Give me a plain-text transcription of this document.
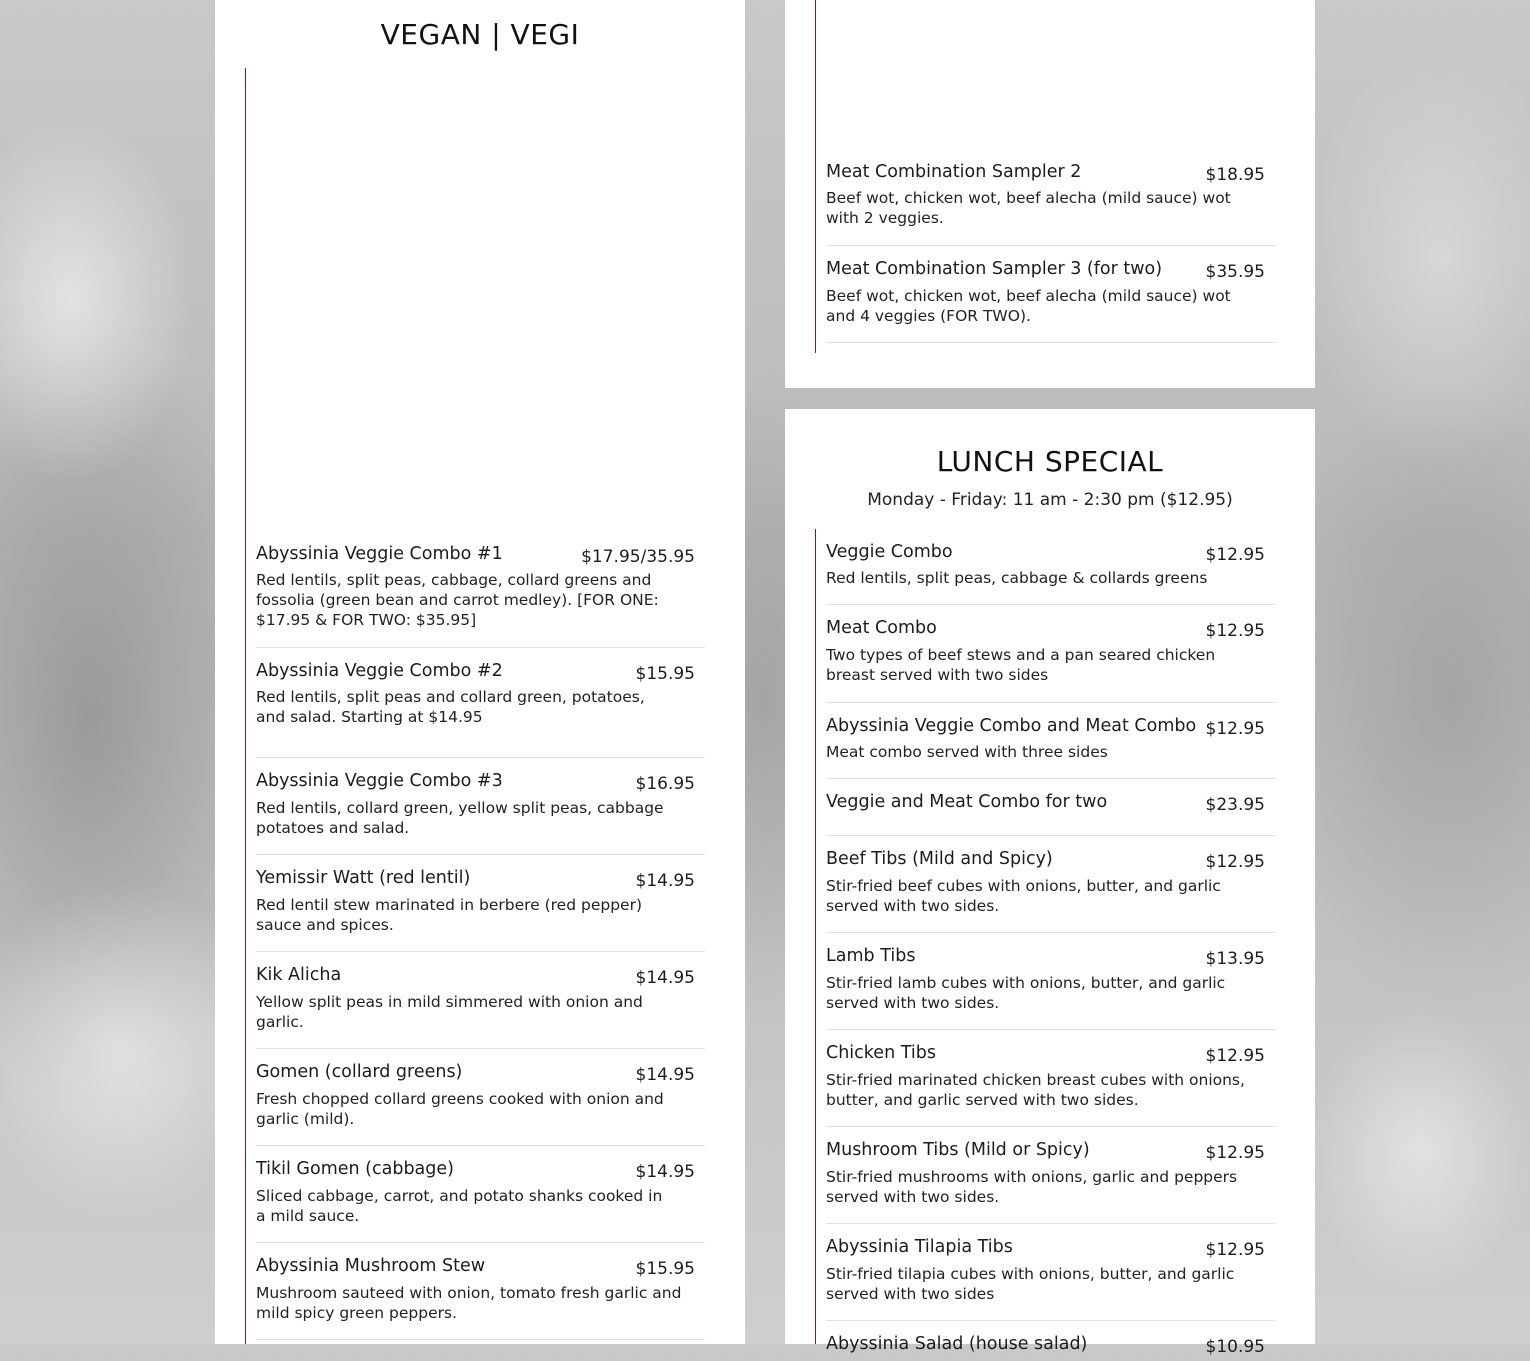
VEGAN | VEGI
Abyssinia Veggie Combo #1	$17.95/35.95

Red lentils, split peas, cabbage, collard greens and fossolia (green bean and carrot medley). [FOR ONE: $17.95 & FOR TWO: $35.95]

Abyssinia Veggie Combo #2	$15.95

Red lentils, split peas and collard green, potatoes, and salad. Starting at $14.95

Abyssinia Veggie Combo #3	$16.95

Red lentils, collard green, yellow split peas, cabbage potatoes and salad.

Yemissir Watt (red lentil)	$14.95

Red lentil stew marinated in berbere (red pepper) sauce and spices.

Kik Alicha	$14.95

Yellow split peas in mild simmered with onion and garlic.

Gomen (collard greens)	$14.95

Fresh chopped collard greens cooked with onion and garlic (mild).

Tikil Gomen (cabbage)	$14.95

Sliced cabbage, carrot, and potato shanks cooked in a mild sauce.

Abyssinia Mushroom Stew	$15.95

Mushroom sauteed with onion, tomato fresh garlic and mild spicy green peppers.

Meat Combination Sampler 2	$18.95

Beef wot, chicken wot, beef alecha (mild sauce) wot with 2 veggies.

Meat Combination Sampler 3 (for two)	$35.95

Beef wot, chicken wot, beef alecha (mild sauce) wot and 4 veggies (FOR TWO).

LUNCH SPECIAL

Monday - Friday: 11 am - 2:30 pm ($12.95)

Veggie Combo	$12.95

Red lentils, split peas, cabbage & collards greens

Meat Combo	$12.95

Two types of beef stews and a pan seared chicken breast served with two sides

Abyssinia Veggie Combo and Meat Combo $12.95

Meat combo served with three sides

Veggie and Meat Combo for two	$23.95
Beef Tibs (Mild and Spicy)	$12.95

Stir-fried beef cubes with onions, butter, and garlic served with two sides.

Lamb Tibs	$13.95

Stir-fried lamb cubes with onions, butter, and garlic served with two sides.

Chicken Tibs	$12.95

Stir-fried marinated chicken breast cubes with onions, butter, and garlic served with two sides.

Mushroom Tibs (Mild or Spicy)	$12.95

Stir-fried mushrooms with onions, garlic and peppers served with two sides.

Abyssinia Tilapia Tibs	$12.95

Stir-fried tilapia cubes with onions, butter, and garlic served with two sides

Abyssinia Salad (house salad)	$10.95
